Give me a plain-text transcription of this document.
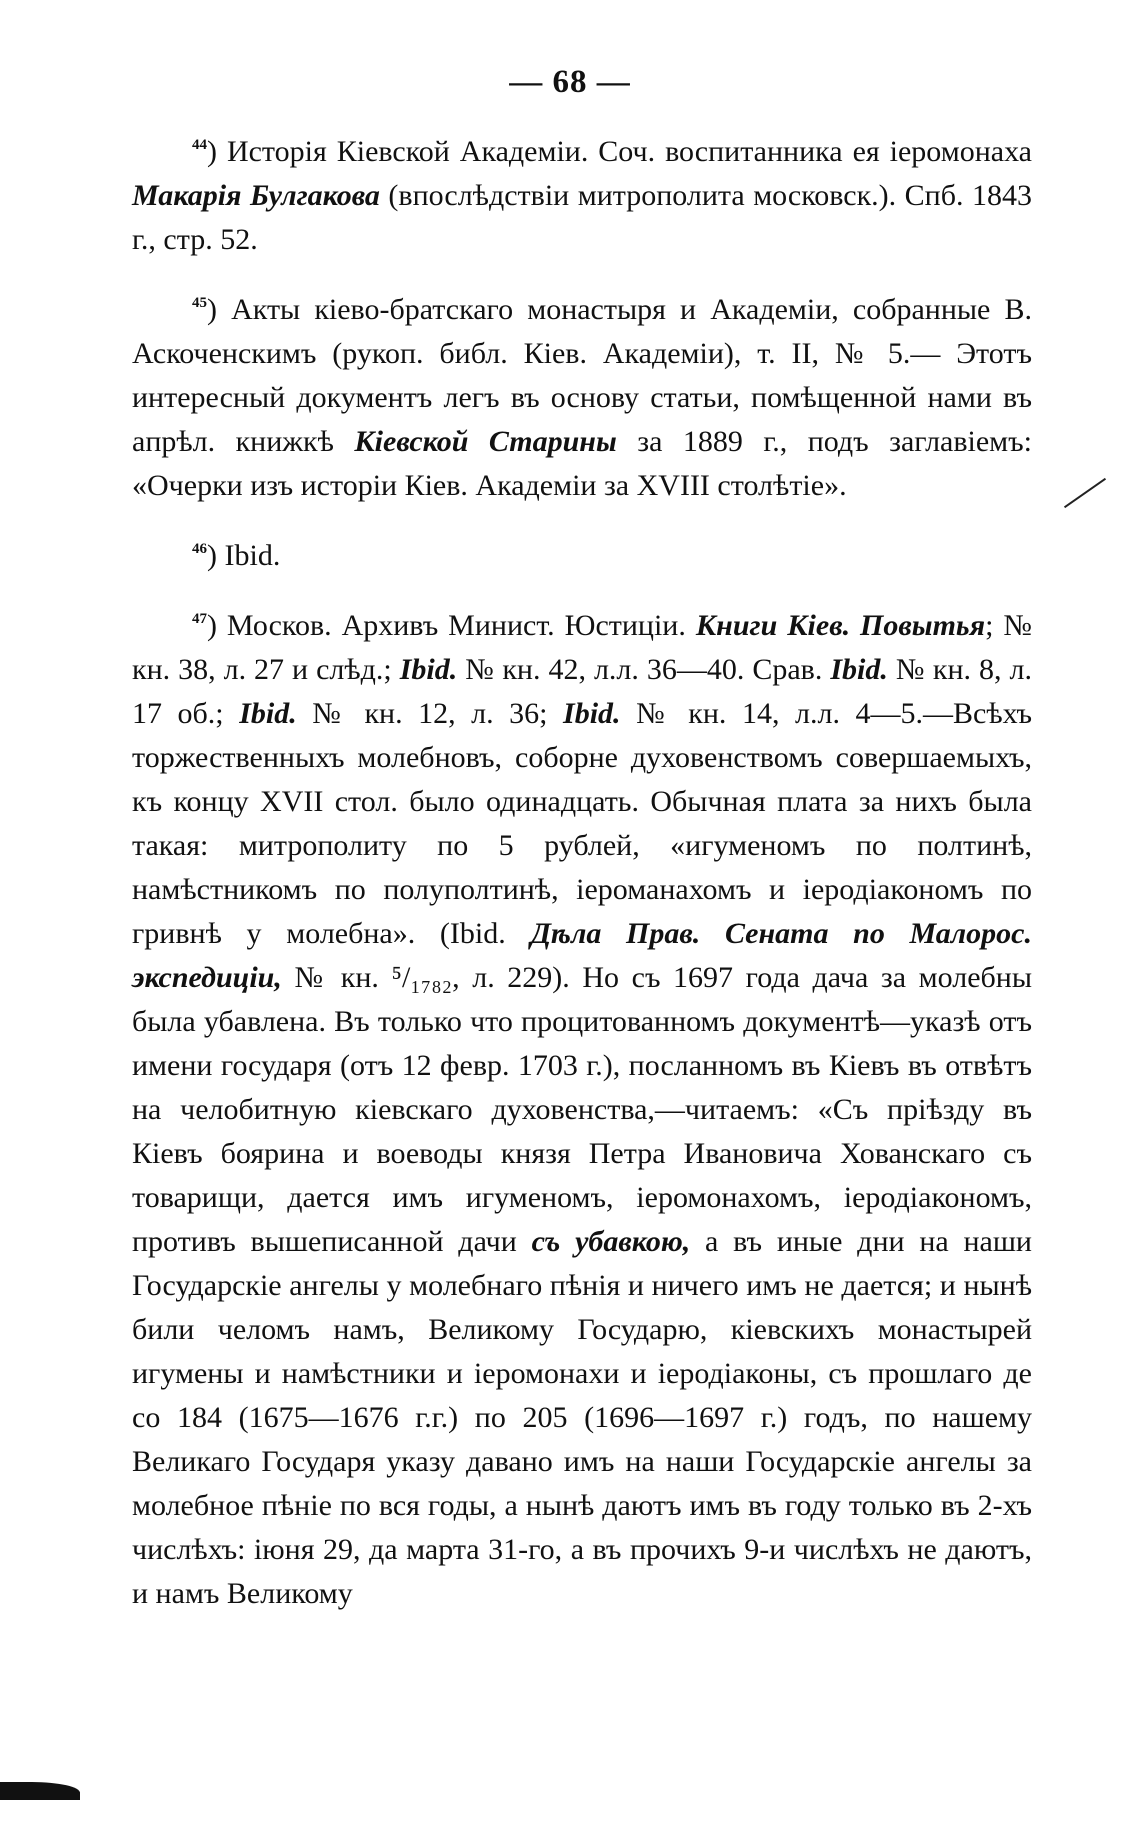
— 68 —

$^{44}$) Исторія Кіевской Академіи. Соч. воспитанника ея іеромонаха Макарія Булгакова (впослѣдствіи митрополита московск.). Спб. 1843 г., стр. 52.

$^{45}$) Акты кіево-братскаго монастыря и Академіи, собранные В. Аскоченскимъ (рукоп. библ. Кіев. Академіи), т. II, № 5.— Этотъ интересный документъ легъ въ основу статьи, помѣщенной нами въ aпрѣл. книжкѣ Кіевской Старины за 1889 г., подъ заглавіемъ: «Очерки изъ исторіи Кіев. Академіи за XVIII столѣтіе».

$^{46}$) Ibid.

$^{47}$) Москов. Архивъ Минист. Юстиціи. Книги Кіев. Повытья; № кн. 38, л. 27 и слѣд.; Ibid. № кн. 42, л.л. 36—40. Срав. Ibid. № кн. 8, л. 17 об.; Ibid. № кн. 12, л. 36; Ibid. № кн. 14, л.л. 4—5.—Всѣхъ торжественныхъ молебновъ, соборне духовенствомъ совершаемыхъ, къ концу XVII стол. было одинадцать. Обычная плата за нихъ была такая: митрополиту по 5 рублей, «игуменомъ по полтинѣ, намѣстникомъ по полуполтинѣ, іероманахомъ и іеродіакономъ по гривнѣ у молебна». (Ibid. Дѣла Прав. Сената по Малорос. экспедиціи, № кн. ⁵/₁₇₈₂, л. 229). Но съ 1697 года дача за молебны была убавлена. Въ только что процитованномъ документѣ—указѣ отъ имени государя (отъ 12 февр. 1703 г.), посланномъ въ Кіевъ въ отвѣтъ на челобитную кіевскаго духовенства,—читаемъ: «Съ пріѣзду въ Кіевъ боярина и воеводы князя Петра Ивановича Хованскаго съ товарищи, дается имъ игуменомъ, іеромонахомъ, іеродіакономъ, противъ вышеписанной дачи съ убавкою, а въ иные дни на наши Государскіе ангелы у молебнаго пѣнія и ничего имъ не дается; и нынѣ били челомъ намъ, Великому Государю, кіевскихъ монастырей игумены и намѣстники и іеромонахи и іеродіаконы, съ прошлаго де со 184 (1675—1676 г.г.) по 205 (1696—1697 г.) годъ, по нашему Великаго Государя указу давано имъ на наши Государскіе ангелы за молебное пѣніе по вся годы, а нынѣ даютъ имъ въ году только въ 2-хъ числѣхъ: іюня 29, да марта 31-го, а въ прочихъ 9-и числѣхъ не даютъ, и намъ Великому
